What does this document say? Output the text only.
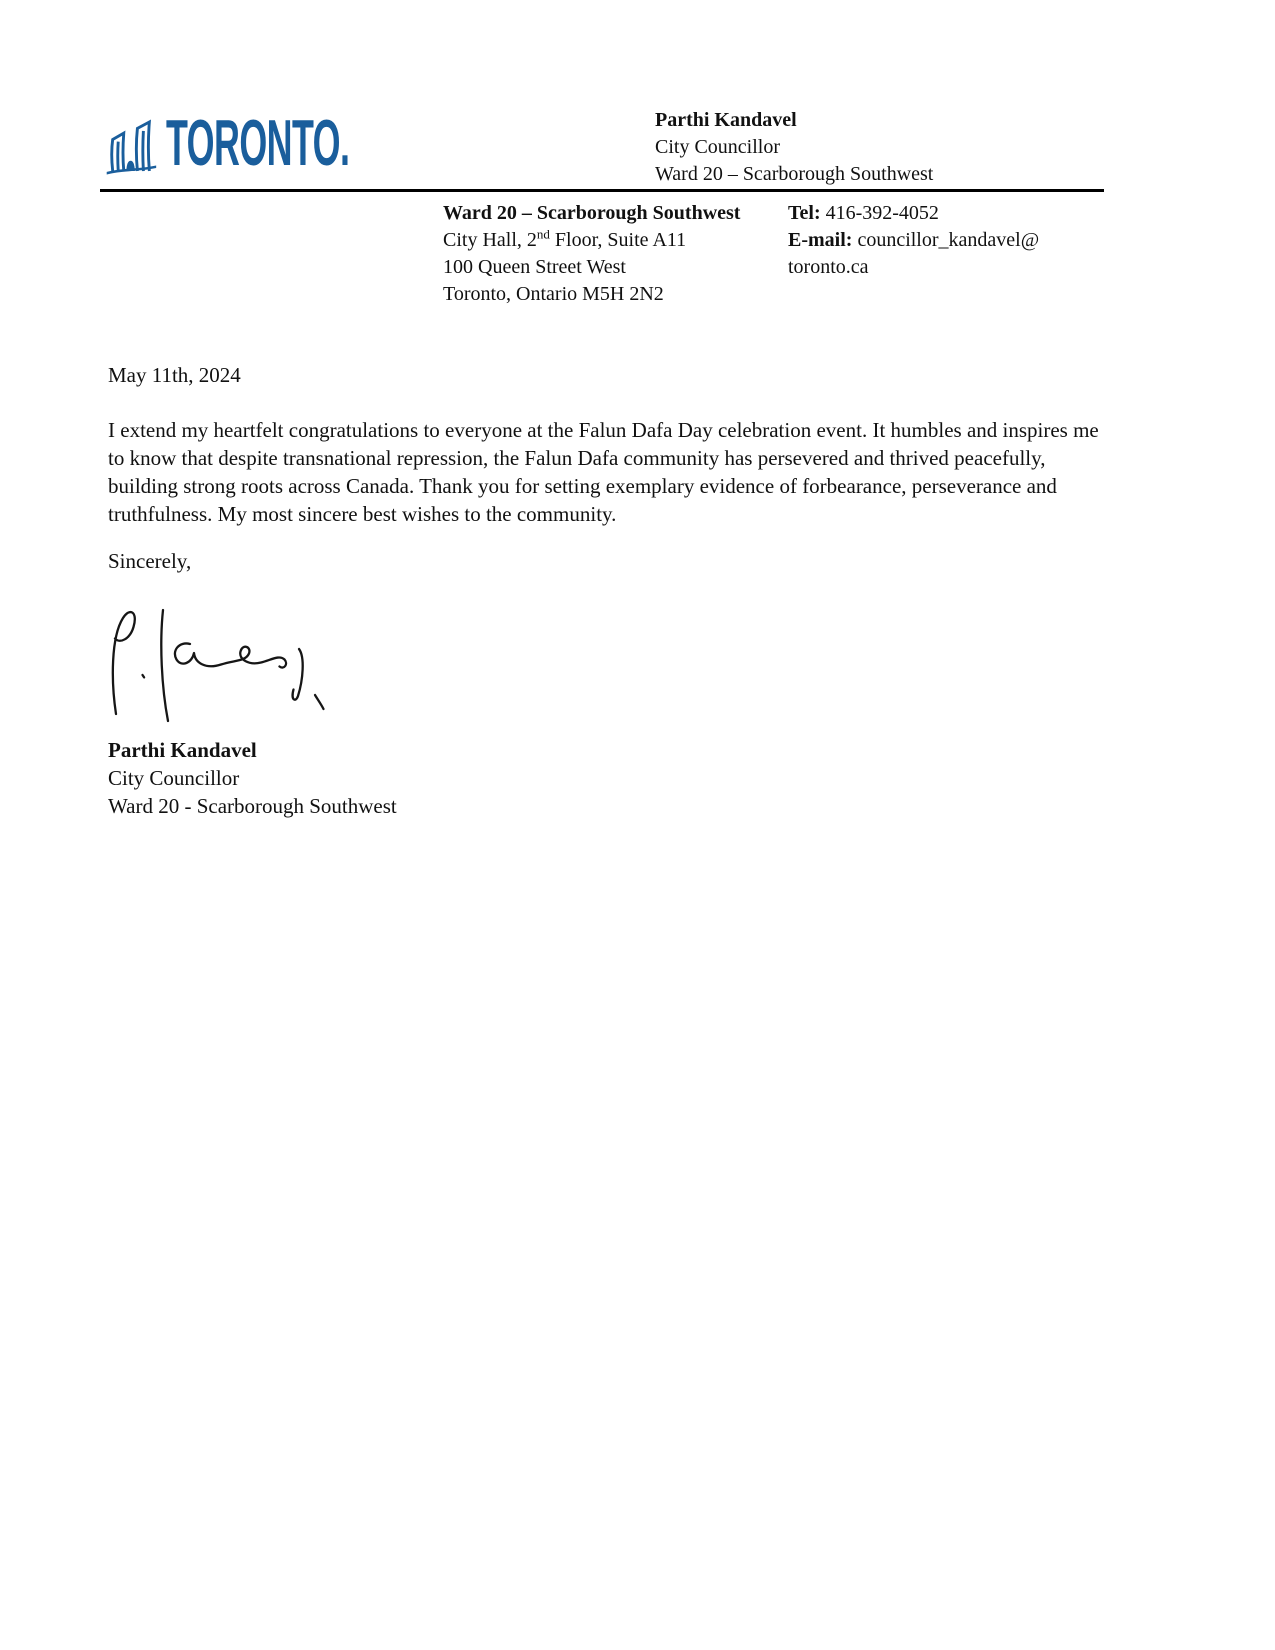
TORONTO.	Parthi Kandavel
City Councillor
Ward 20 – Scarborough Southwest
Ward 20 – Scarborough Southwest
City Hall, 2nd Floor, Suite A11
100 Queen Street West
Toronto, Ontario M5H 2N2
Tel: 416-392-4052
E-mail: councillor_kandavel@
toronto.ca
May 11th, 2024
I extend my heartfelt congratulations to everyone at the Falun Dafa Day celebration event. It humbles and inspires me to know that despite transnational repression, the Falun Dafa community has persevered and thrived peacefully, building strong roots across Canada. Thank you for setting exemplary evidence of forbearance, perseverance and truthfulness. My most sincere best wishes to the community.
Sincerely,
Parthi Kandavel
City Councillor
Ward 20 - Scarborough Southwest
